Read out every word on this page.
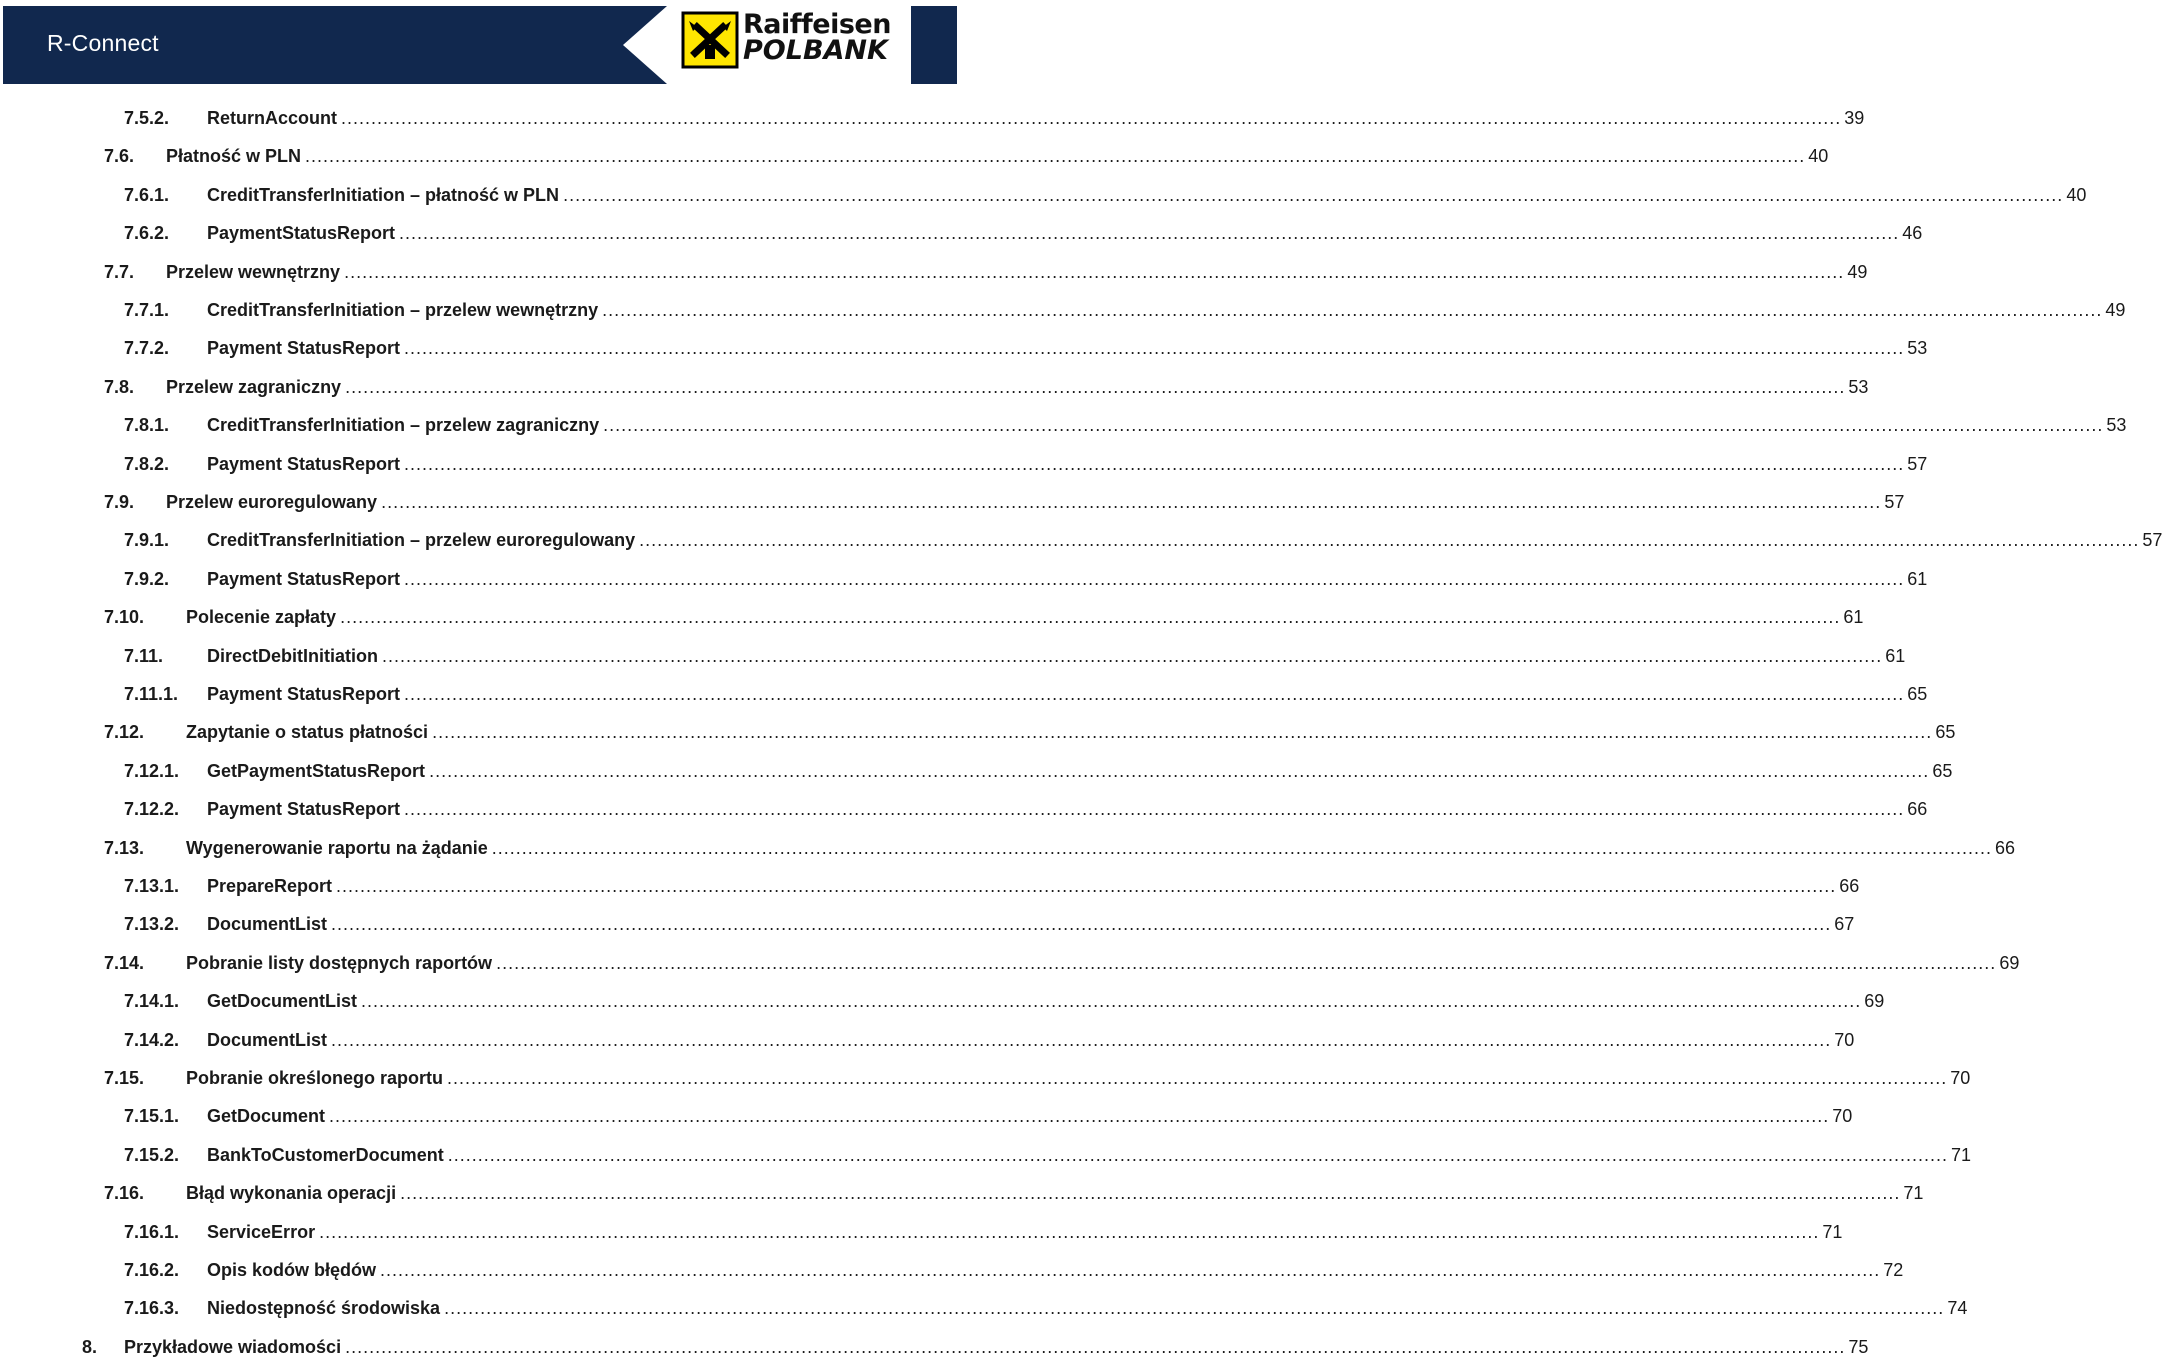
R-Connect
Raiffeisen
POLBANK
7.5.2.	ReturnAccount .......................................................................................................................................................................................................................................................... 39
7.6.	Płatność w PLN .......................................................................................................................................................................................................................................................... 40
7.6.1.	CreditTransferInitiation – płatność w PLN .......................................................................................................................................................................................................................................................... 40
7.6.2.	PaymentStatusReport .......................................................................................................................................................................................................................................................... 46
7.7.	Przelew wewnętrzny .......................................................................................................................................................................................................................................................... 49
7.7.1.	CreditTransferInitiation – przelew wewnętrzny .......................................................................................................................................................................................................................................................... 49
7.7.2.	Payment StatusReport .......................................................................................................................................................................................................................................................... 53
7.8.	Przelew zagraniczny .......................................................................................................................................................................................................................................................... 53
7.8.1.	CreditTransferInitiation – przelew zagraniczny .......................................................................................................................................................................................................................................................... 53
7.8.2.	Payment StatusReport .......................................................................................................................................................................................................................................................... 57
7.9.	Przelew euroregulowany .......................................................................................................................................................................................................................................................... 57
7.9.1.	CreditTransferInitiation – przelew euroregulowany .......................................................................................................................................................................................................................................................... 57
7.9.2.	Payment StatusReport .......................................................................................................................................................................................................................................................... 61
7.10.	Polecenie zapłaty .......................................................................................................................................................................................................................................................... 61
7.11.	DirectDebitInitiation .......................................................................................................................................................................................................................................................... 61
7.11.1.	Payment StatusReport .......................................................................................................................................................................................................................................................... 65
7.12.	Zapytanie o status płatności .......................................................................................................................................................................................................................................................... 65
7.12.1.	GetPaymentStatusReport .......................................................................................................................................................................................................................................................... 65
7.12.2.	Payment StatusReport .......................................................................................................................................................................................................................................................... 66
7.13.	Wygenerowanie raportu na żądanie .......................................................................................................................................................................................................................................................... 66
7.13.1.	PrepareReport .......................................................................................................................................................................................................................................................... 66
7.13.2.	DocumentList .......................................................................................................................................................................................................................................................... 67
7.14.	Pobranie listy dostępnych raportów .......................................................................................................................................................................................................................................................... 69
7.14.1.	GetDocumentList .......................................................................................................................................................................................................................................................... 69
7.14.2.	DocumentList .......................................................................................................................................................................................................................................................... 70
7.15.	Pobranie określonego raportu .......................................................................................................................................................................................................................................................... 70
7.15.1.	GetDocument .......................................................................................................................................................................................................................................................... 70
7.15.2.	BankToCustomerDocument .......................................................................................................................................................................................................................................................... 71
7.16.	Błąd wykonania operacji .......................................................................................................................................................................................................................................................... 71
7.16.1.	ServiceError .......................................................................................................................................................................................................................................................... 71
7.16.2.	Opis kodów błędów .......................................................................................................................................................................................................................................................... 72
7.16.3.	Niedostępność środowiska .......................................................................................................................................................................................................................................................... 74
8.	Przykładowe wiadomości .......................................................................................................................................................................................................................................................... 75
